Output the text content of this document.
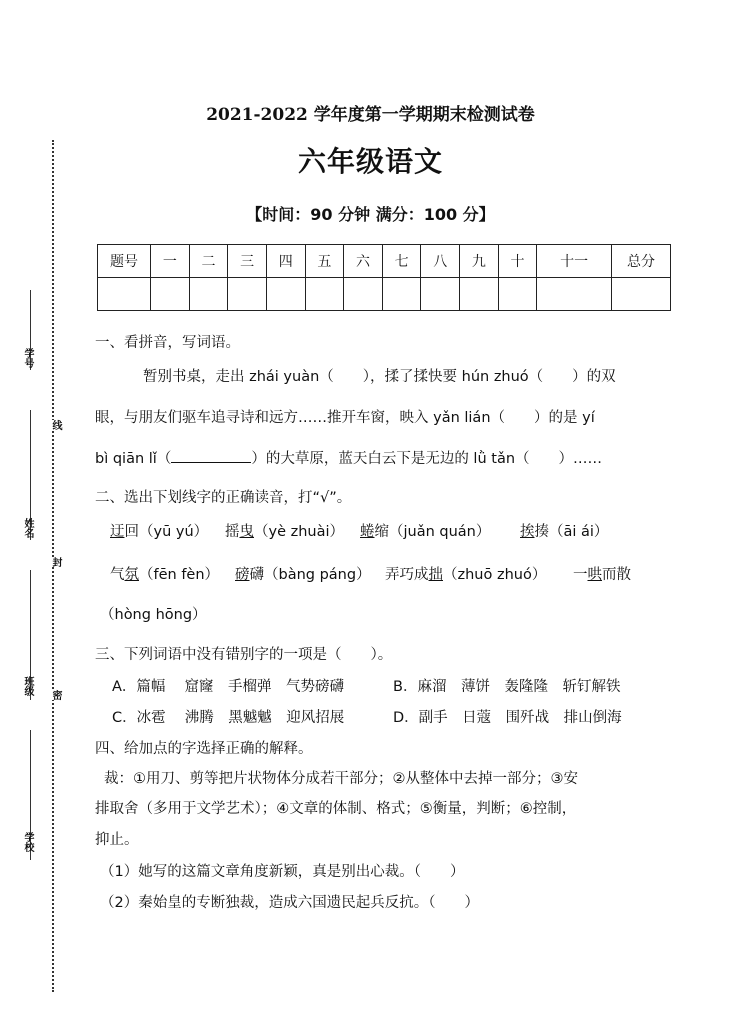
学号
姓名
班级
学校
线
封
密
2021-2022 学年度第一学期期末检测试卷
六年级语文
【时间：90 分钟 满分：100 分】
题号	一	二	三	四	五	六	七	八	九	十	十一	总分

一、看拼音，写词语。
暂别书桌，走出 zhái yuàn（　　），揉了揉快要 hún zhuó（　　）的双
眼，与朋友们驱车追寻诗和远方……推开车窗，映入 yǎn lián（　　）的是 yí
bì qiān lǐ（	）的大草原，蓝天白云下是无边的 lǜ tǎn（　　）……
二、选出下划线字的正确读音，打“√”。
迂回（yū yú） 摇曳（yè zhuài） 蜷缩（juǎn quán） 挨揍（āi ái）
气氛（fēn fèn） 磅礴（bàng páng） 弄巧成拙（zhuō zhuó） 一哄而散
（hòng hōng）
三、下列词语中没有错别字的一项是（　　）。
A．篇幅　 窟窿　手榴弹　气势磅礴	B．麻溜　薄饼　轰隆隆　斩钉解铁
C．冰雹　 沸腾　黑魆魆　迎风招展	D．副手　日蔻　围歼战　排山倒海
四、给加点的字选择正确的解释。
裁：①用刀、剪等把片状物体分成若干部分；②从整体中去掉一部分；③安
排取舍（多用于文学艺术）；④文章的体制、格式；⑤衡量，判断；⑥控制，
抑止。
（1）她写的这篇文章角度新颖，真是别出心裁。（　　）
（2）秦始皇的专断独裁，造成六国遗民起兵反抗。（　　）
